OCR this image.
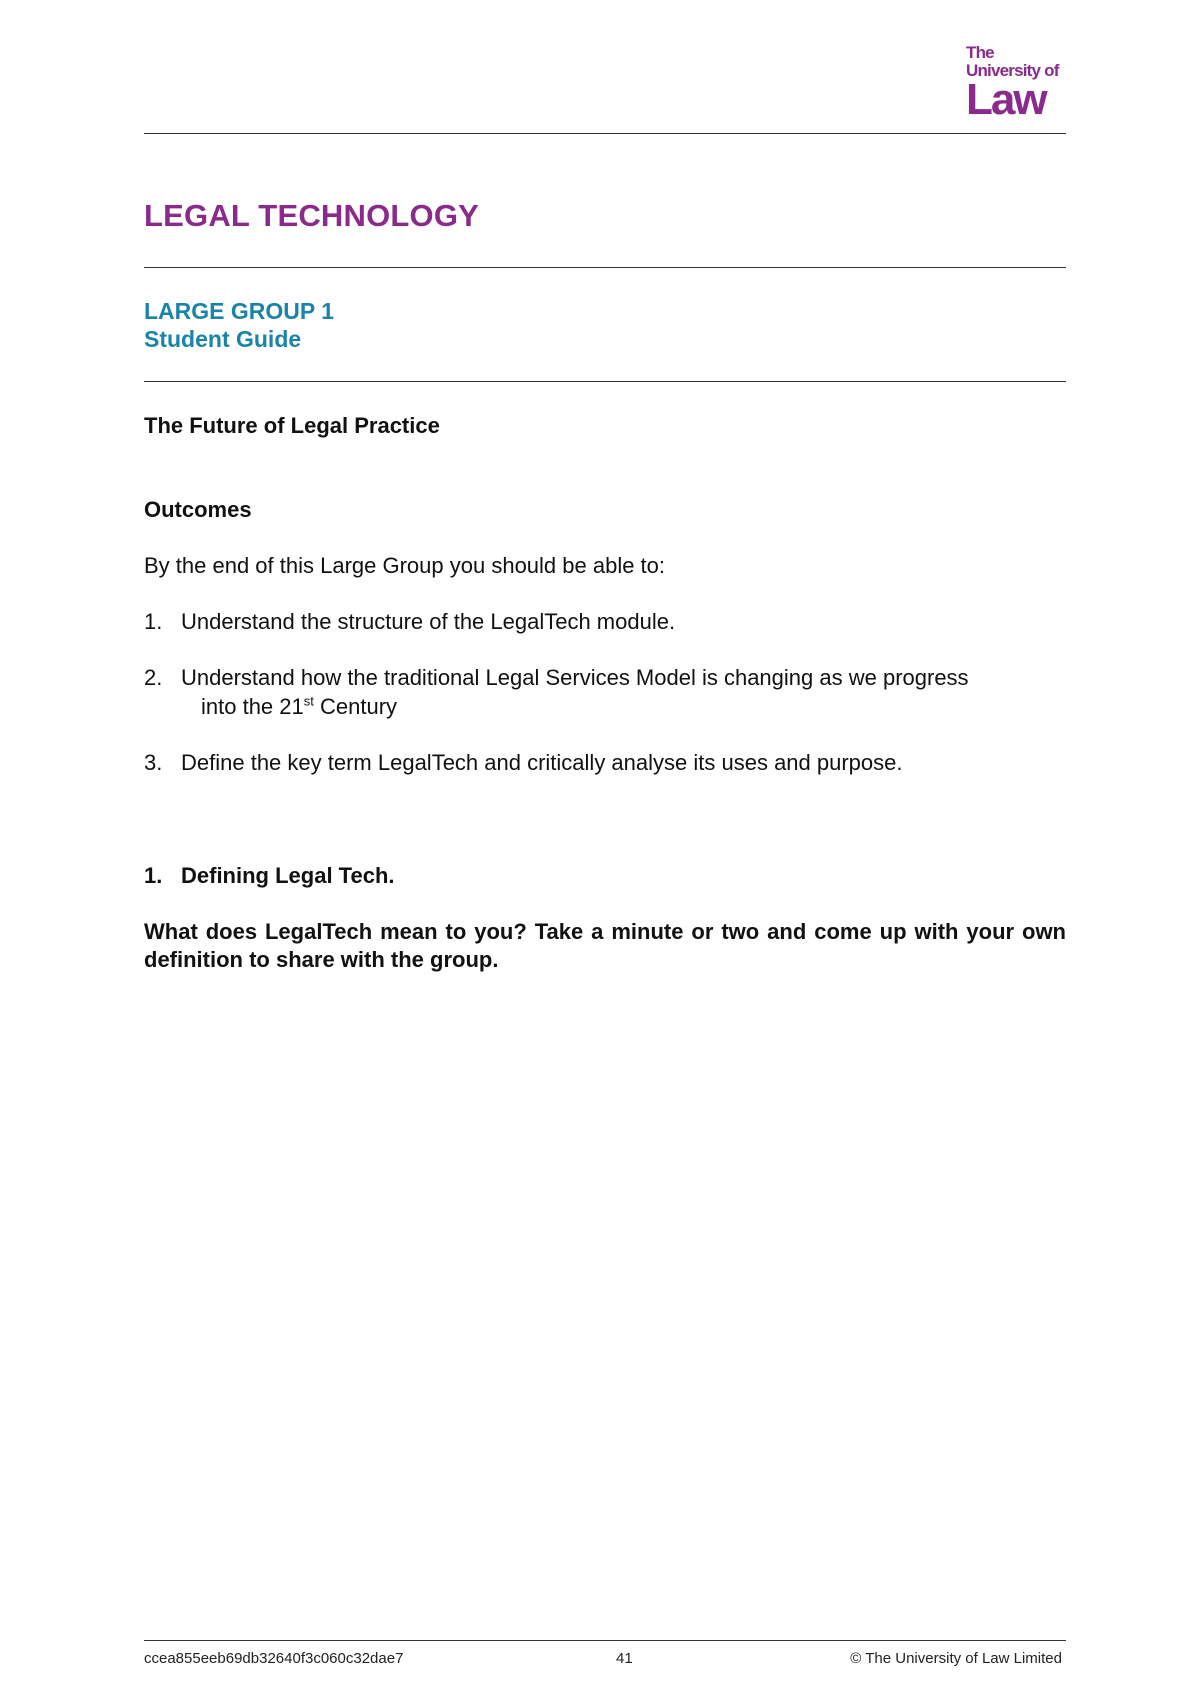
The
University of
Law
LEGAL TECHNOLOGY
LARGE GROUP 1
Student Guide
The Future of Legal Practice
Outcomes
By the end of this Large Group you should be able to:
1. Understand the structure of the LegalTech module.
2. Understand how the traditional Legal Services Model is changing as we progress
into the 21st Century
3. Define the key term LegalTech and critically analyse its uses and purpose.
1. Defining Legal Tech.
What does LegalTech mean to you? Take a minute or two and come up with your own definition to share with the group.
ccea855eeb69db32640f3c060c32dae7	41	© The University of Law Limited
